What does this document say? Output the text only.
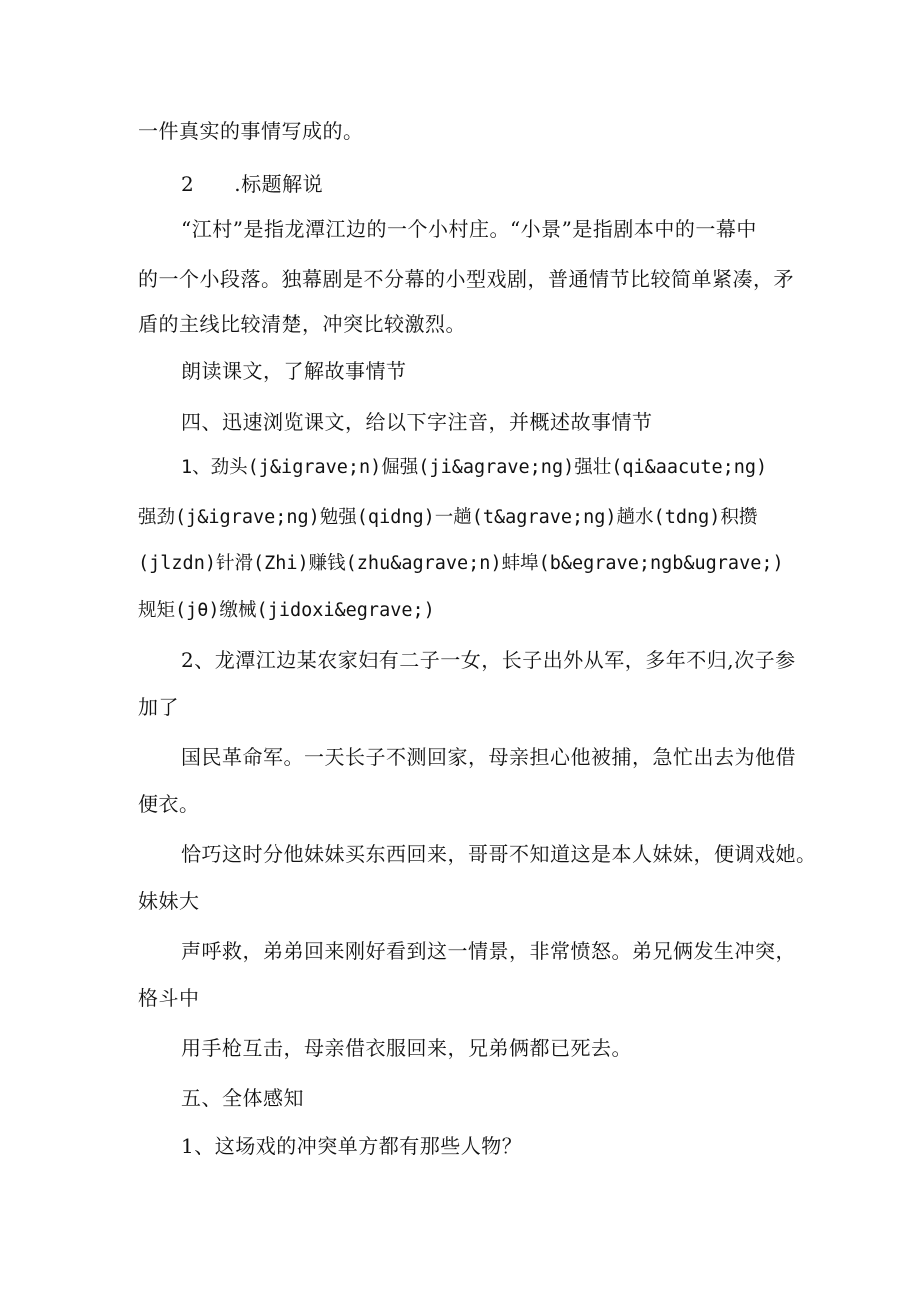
一件真实的事情写成的。

2 .标题解说

“江村”是指龙潭江边的一个小村庄。“小景”是指剧本中的一幕中

的一个小段落。独幕剧是不分幕的小型戏剧，普通情节比较简单紧凑，矛

盾的主线比较清楚，冲突比较激烈。

朗读课文，了解故事情节

四、迅速浏览课文，给以下字注音，并概述故事情节

1、劲头(j&igrave;n)倔强(ji&agrave;ng)强壮(qi&aacute;ng)

强劲(j&igrave;ng)勉强(qidng)一趟(t&agrave;ng)趟水(tdng)积攒

(jlzdn)针滑(Zhi)赚钱(zhu&agrave;n)蚌埠(b&egrave;ngb&ugrave;)

规矩(jθ)缴械(jidoxi&egrave;)

2、龙潭江边某农家妇有二子一女，长子出外从军，多年不归,次子参

加了

国民革命军。一天长子不测回家，母亲担心他被捕，急忙出去为他借

便衣。

恰巧这时分他妹妹买东西回来，哥哥不知道这是本人妹妹，便调戏她。

妹妹大

声呼救，弟弟回来刚好看到这一情景，非常愤怒。弟兄俩发生冲突，

格斗中

用手枪互击，母亲借衣服回来，兄弟俩都已死去。

五、全体感知

1、这场戏的冲突单方都有那些人物？
